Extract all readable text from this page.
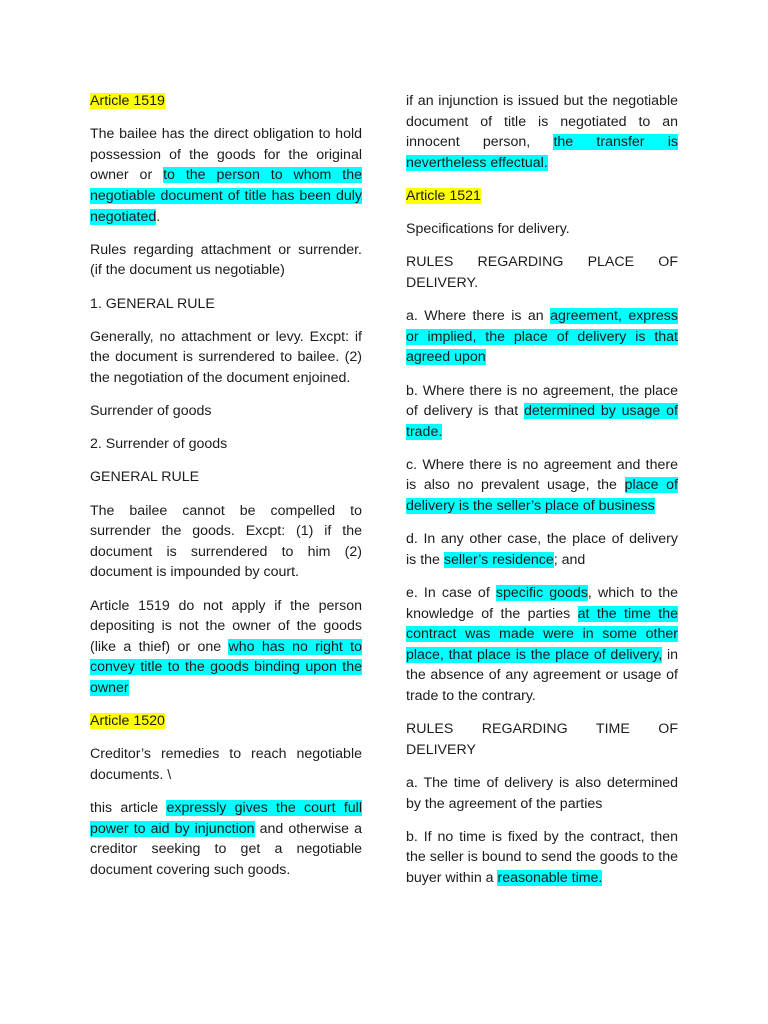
Article 1519

The bailee has the direct obligation to hold possession of the goods for the original owner or to the person to whom the negotiable document of title has been duly negotiated.

Rules regarding attachment or surrender. (if the document us negotiable)

1. GENERAL RULE

Generally, no attachment or levy. Excpt: if the document is surrendered to bailee. (2) the negotiation of the document enjoined.

Surrender of goods

2. Surrender of goods

GENERAL RULE

The bailee cannot be compelled to surrender the goods. Excpt: (1) if the document is surrendered to him (2) document is impounded by court.

Article 1519 do not apply if the person depositing is not the owner of the goods (like a thief) or one who has no right to convey title to the goods binding upon the owner

Article 1520

Creditor’s remedies to reach negotiable documents. \

this article expressly gives the court full power to aid by injunction and otherwise a creditor seeking to get a negotiable document covering such goods.

if an injunction is issued but the negotiable document of title is negotiated to an innocent person, the transfer is nevertheless effectual.

Article 1521

Specifications for delivery.

RULES REGARDING PLACE OF DELIVERY.

a. Where there is an agreement, express or implied, the place of delivery is that agreed upon

b. Where there is no agreement, the place of delivery is that determined by usage of trade.

c. Where there is no agreement and there is also no prevalent usage, the place of delivery is the seller’s place of business

d. In any other case, the place of delivery is the seller’s residence; and

e. In case of specific goods, which to the knowledge of the parties at the time the contract was made were in some other place, that place is the place of delivery, in the absence of any agreement or usage of trade to the contrary.

RULES REGARDING TIME OF DELIVERY

a. The time of delivery is also determined by the agreement of the parties

b. If no time is fixed by the contract, then the seller is bound to send the goods to the buyer within a reasonable time.
